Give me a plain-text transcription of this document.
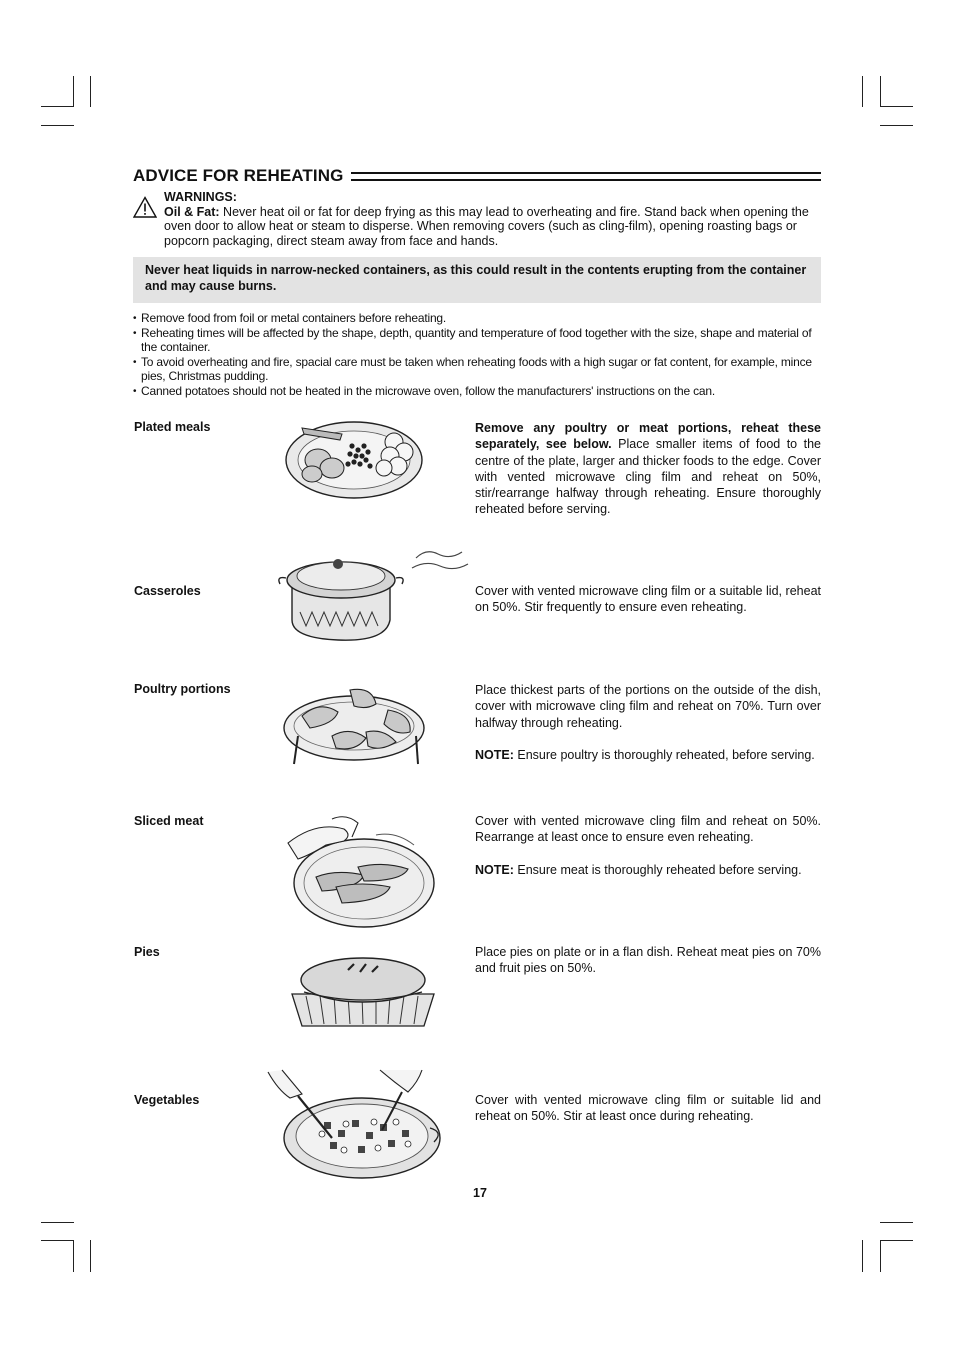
ADVICE FOR REHEATING
WARNINGS:
Oil & Fat: Never heat oil or fat for deep frying as this may lead to overheating and fire. Stand back when opening the oven door to allow heat or steam to disperse. When removing covers (such as cling-film), opening roasting bags or popcorn packaging, direct steam away from face and hands.
Never heat liquids in narrow-necked containers, as this could result in the contents erupting from the container and may cause burns.
• Remove food from foil or metal containers before reheating.
• Reheating times will be affected by the shape, depth, quantity and temperature of food together with the size, shape and material of the container.
• To avoid overheating and fire, spacial care must be taken when reheating foods with a high sugar or fat content, for example, mince pies, Christmas pudding.
• Canned potatoes should not be heated in the microwave oven, follow the manufacturers' instructions on the can.
Plated meals	Remove any poultry or meat portions, reheat these separately, see below. Place smaller items of food to the centre of the plate, larger and thicker foods to the edge. Cover with vented microwave cling film and reheat on 50%, stir/rearrange halfway through reheating. Ensure thoroughly reheated before serving.
Casseroles	Cover with vented microwave cling film or a suitable lid, reheat on 50%. Stir frequently to ensure even reheating.
Poultry portions	Place thickest parts of the portions on the outside of the dish, cover with microwave cling film and reheat on 70%. Turn over halfway through reheating.
NOTE: Ensure poultry is thoroughly reheated, before serving.
Sliced meat	Cover with vented microwave cling film and reheat on 50%. Rearrange at least once to ensure even reheating.
NOTE: Ensure meat is thoroughly reheated before serving.
Pies	Place pies on plate or in a flan dish. Reheat meat pies on 70% and fruit pies on 50%.
Vegetables	Cover with vented microwave cling film or suitable lid and reheat on 50%. Stir at least once during reheating.
17
